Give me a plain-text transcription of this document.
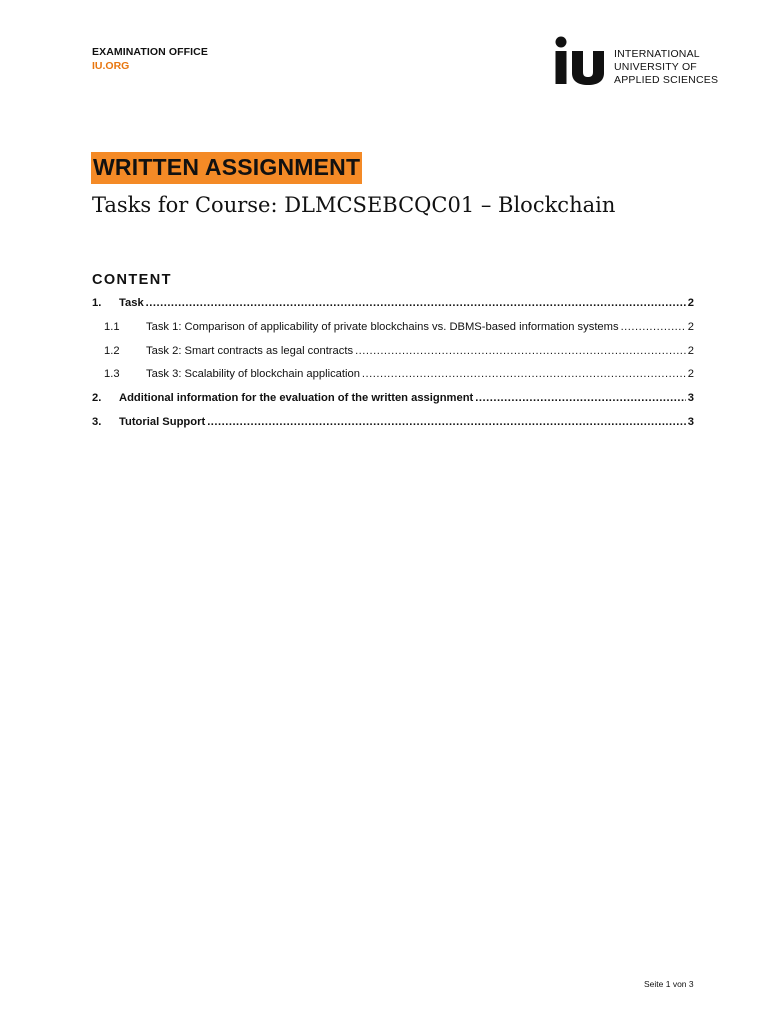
EXAMINATION OFFICE
IU.ORG
INTERNATIONAL
UNIVERSITY OF
APPLIED SCIENCES
WRITTEN ASSIGNMENT
Tasks for Course: DLMCSEBCQC01 – Blockchain
CONTENT
1.	Task .....	2
1.1	Task 1: Comparison of applicability of private blockchains vs. DBMS-based information systems .....	2
1.2	Task 2: Smart contracts as legal contracts .....	2
1.3	Task 3: Scalability of blockchain application .....	2
2.	Additional information for the evaluation of the written assignment .....	3
3.	Tutorial Support .....	3
Seite 1 von 3
